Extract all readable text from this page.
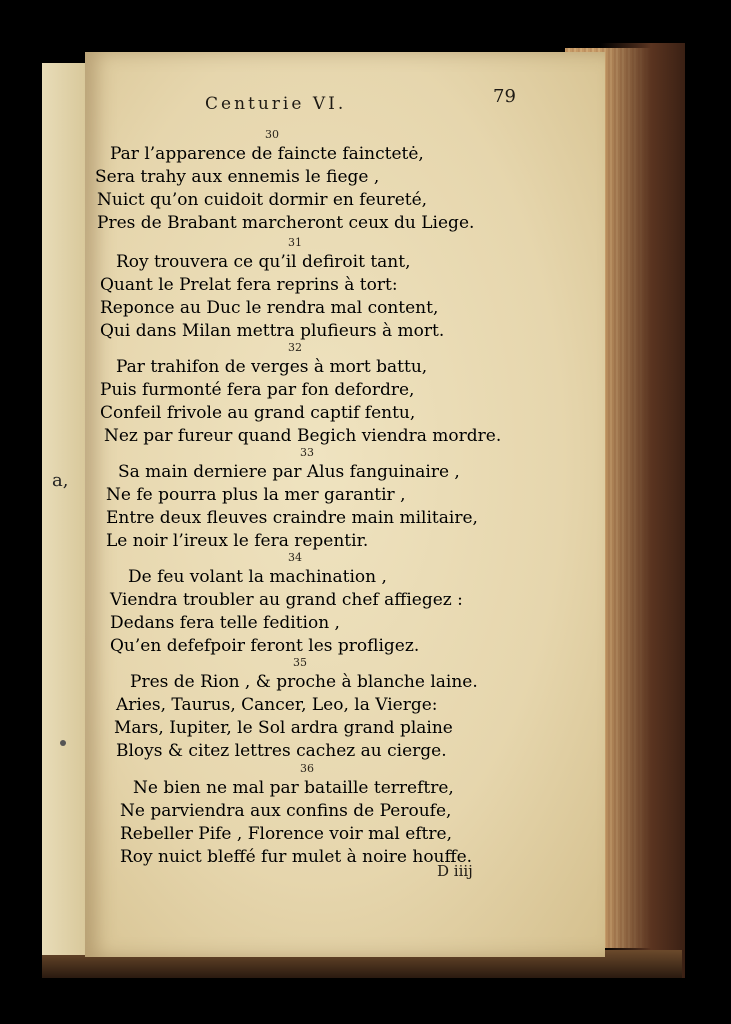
a,
Centurie VI.	79
30
Par l’apparence de faincte fainctetė,
Sera trahy aux ennemis le fiege ,
Nuict qu’on cuidoit dormir en feureté,
Pres de Brabant marcheront ceux du Liege.
31
Roy trouvera ce qu’il defiroit tant,
Quant le Prelat fera reprins à tort:
Reponce au Duc le rendra mal content,
Qui dans Milan mettra plufieurs à mort.
32
Par trahifon de verges à mort battu,
Puis furmonté fera par fon defordre,
Confeil frivole au grand captif fentu,
Nez par fureur quand Begich viendra mordre.
33
Sa main derniere par Alus fanguinaire ,
Ne fe pourra plus la mer garantir ,
Entre deux fleuves craindre main militaire,
Le noir l’ireux le fera repentir.
34
De feu volant la machination ,
Viendra troubler au grand chef affiegez :
Dedans fera telle fedition ,
Qu’en defefpoir feront les profligez.
35
Pres de Rion , & proche à blanche laine.
Aries, Taurus, Cancer, Leo, la Vierge:
Mars, Iupiter, le Sol ardra grand plaine
Bloys & citez lettres cachez au cierge.
36
Ne bien ne mal par bataille terreftre,
Ne parviendra aux confins de Peroufe,
Rebeller Pife , Florence voir mal eftre,
Roy nuict bleffé fur mulet à noire houffe.
D iiij
